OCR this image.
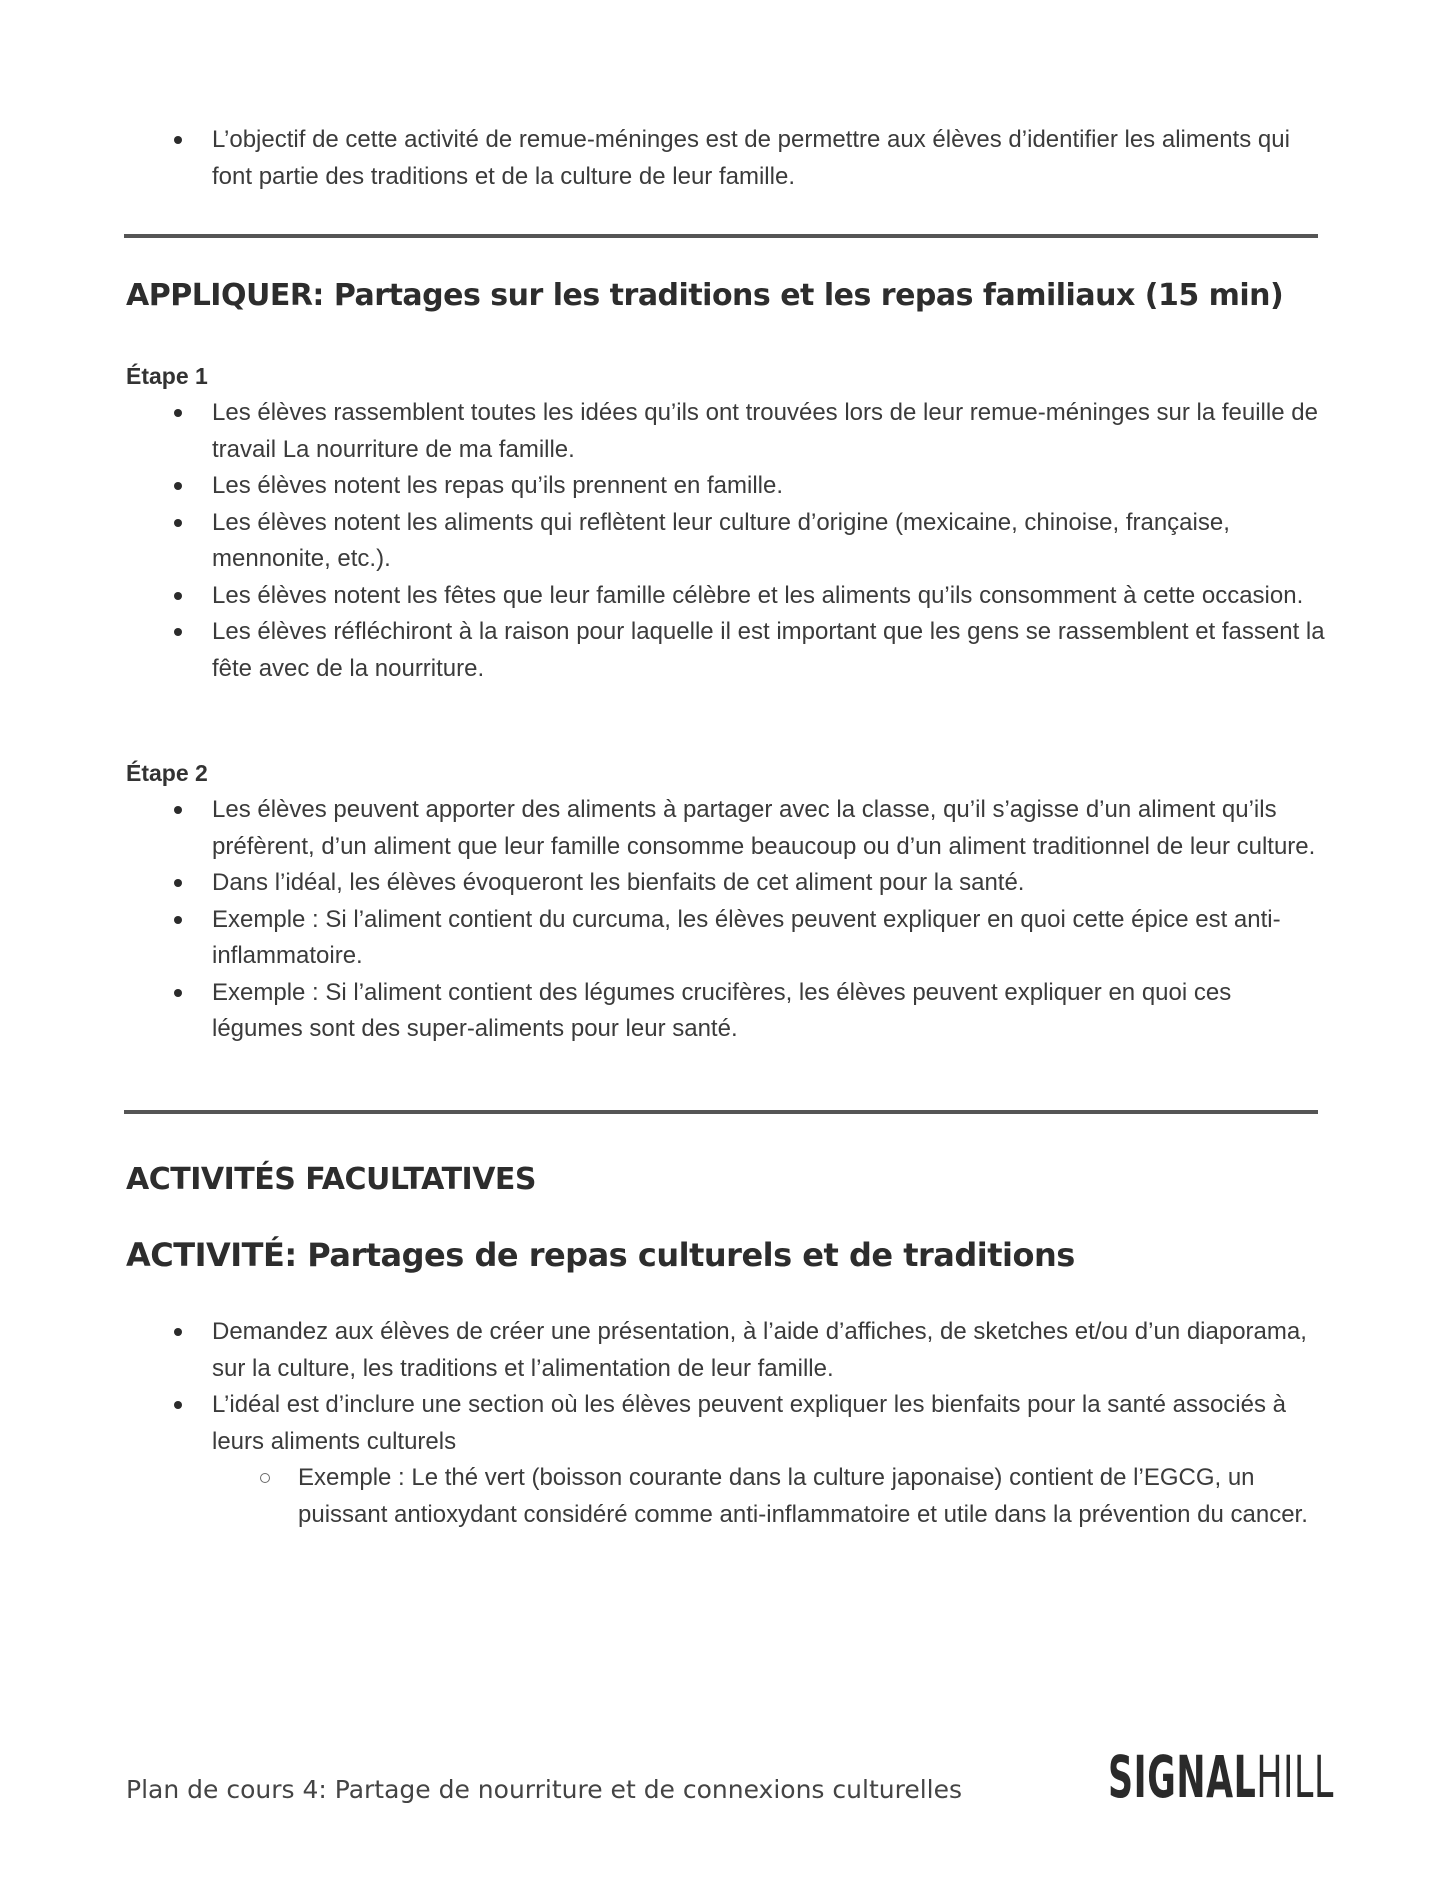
L’objectif de cette activité de remue-méninges est de permettre aux élèves d’identifier les aliments qui font partie des traditions et de la culture de leur famille.
APPLIQUER: Partages sur les traditions et les repas familiaux (15 min)
Étape 1
Les élèves rassemblent toutes les idées qu’ils ont trouvées lors de leur remue-méninges sur la feuille de travail La nourriture de ma famille.
Les élèves notent les repas qu’ils prennent en famille.
Les élèves notent les aliments qui reflètent leur culture d’origine (mexicaine, chinoise, française, mennonite, etc.).
Les élèves notent les fêtes que leur famille célèbre et les aliments qu’ils consomment à cette occasion.
Les élèves réfléchiront à la raison pour laquelle il est important que les gens se rassemblent et fassent la fête avec de la nourriture.
Étape 2
Les élèves peuvent apporter des aliments à partager avec la classe, qu’il s’agisse d’un aliment qu’ils préfèrent, d’un aliment que leur famille consomme beaucoup ou d’un aliment traditionnel de leur culture.
Dans l’idéal, les élèves évoqueront les bienfaits de cet aliment pour la santé.
Exemple : Si l’aliment contient du curcuma, les élèves peuvent expliquer en quoi cette épice est anti-inflammatoire.
Exemple : Si l’aliment contient des légumes crucifères, les élèves peuvent expliquer en quoi ces légumes sont des super-aliments pour leur santé.
ACTIVITÉS FACULTATIVES
ACTIVITÉ: Partages de repas culturels et de traditions
Demandez aux élèves de créer une présentation, à l’aide d’affiches, de sketches et/ou d’un diaporama, sur la culture, les traditions et l’alimentation de leur famille.
L’idéal est d’inclure une section où les élèves peuvent expliquer les bienfaits pour la santé associés à leurs aliments culturels
Exemple : Le thé vert (boisson courante dans la culture japonaise) contient de l’EGCG, un puissant antioxydant considéré comme anti-inflammatoire et utile dans la prévention du cancer.
Plan de cours 4: Partage de nourriture et de connexions culturelles	SIGNALHILL
